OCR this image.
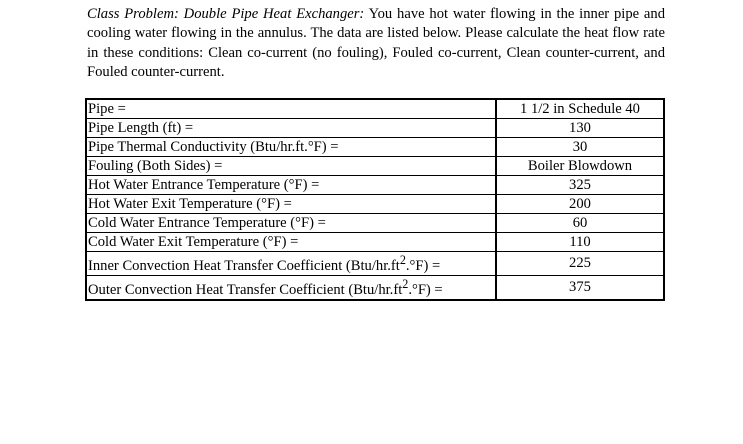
Class Problem: Double Pipe Heat Exchanger: You have hot water flowing in the inner pipe and cooling water flowing in the annulus. The data are listed below. Please calculate the heat flow rate in these conditions: Clean co-current (no fouling), Fouled co-current, Clean counter-current, and Fouled counter-current.

Pipe =	1 1/2 in Schedule 40
Pipe Length (ft) =	130
Pipe Thermal Conductivity (Btu/hr.ft.°F) =	30
Fouling (Both Sides) =	Boiler Blowdown
Hot Water Entrance Temperature (°F) =	325
Hot Water Exit Temperature (°F) =	200
Cold Water Entrance Temperature (°F) =	60
Cold Water Exit Temperature (°F) =	110
Inner Convection Heat Transfer Coefficient $(Btu/hr.ft^2.^\circ F)$ =	225
Outer Convection Heat Transfer Coefficient $(Btu/hr.ft^2.^\circ F)$ =	375
